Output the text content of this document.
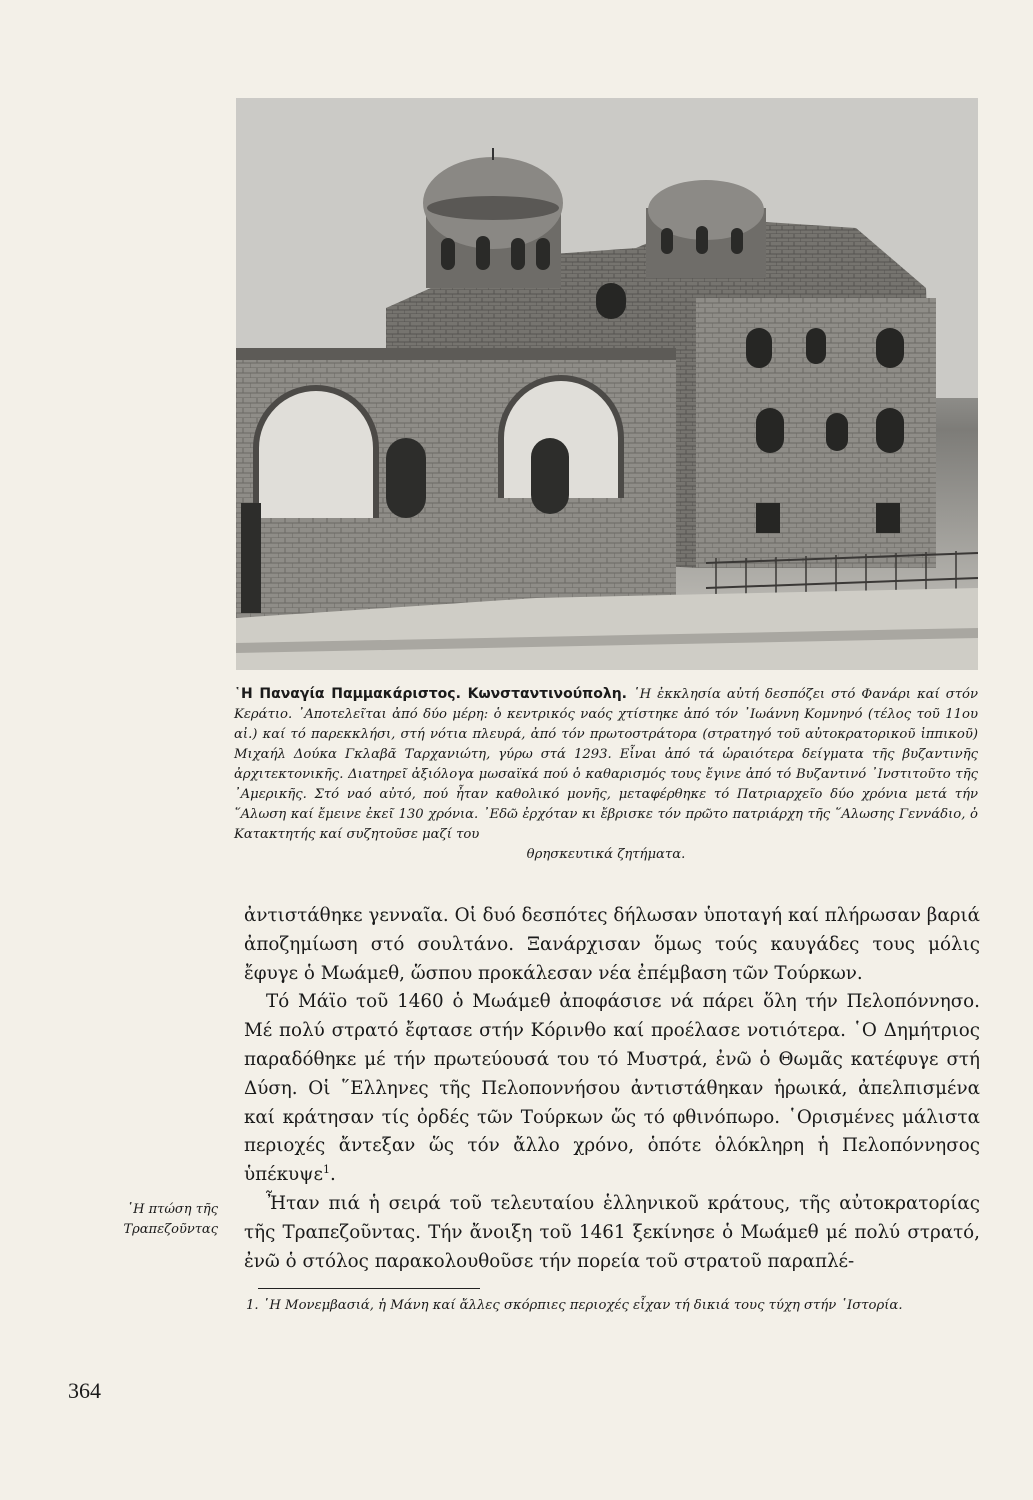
῾Η Παναγία Παμμακάριστος. Κωνσταντινούπολη. ῾Η ἐκκλησία αὐτή δεσπόζει στό Φανάρι καί στόν Κεράτιο. ᾿Αποτελεῖται ἀπό δύο μέρη: ὁ κεντρικός ναός χτίστηκε ἀπό τόν ᾿Ιωάννη Κομνηνό (τέλος τοῦ 11ου αἰ.) καί τό παρεκκλήσι, στή νότια πλευρά, ἀπό τόν πρωτοστράτορα (στρατηγό τοῦ αὐτοκρατορικοῦ ἱππικοῦ) Μιχαήλ Δούκα Γκλαβᾶ Ταρχανιώτη, γύρω στά 1293. Εἶναι ἀπό τά ὡραιότερα δείγματα τῆς βυζαντινῆς ἀρχιτεκτονικῆς. Διατηρεῖ ἀξιόλογα μωσαϊκά πού ὁ καθαρισμός τους ἔγινε ἀπό τό Βυζαντινό ᾿Ινστιτοῦτο τῆς ᾿Αμερικῆς. Στό ναό αὐτό, πού ἦταν καθολικό μονῆς, μεταφέρθηκε τό Πατριαρχεῖο δύο χρόνια μετά τήν ῞Αλωση καί ἔμεινε ἐκεῖ 130 χρόνια. ᾿Εδῶ ἐρχόταν κι ἔβρισκε τόν πρῶτο πατριάρχη τῆς ῞Αλωσης Γεννάδιο, ὁ Κατακτητής καί συζητοῦσε μαζί του
θρησκευτικά ζητήματα.

ἀντιστάθηκε γενναῖα. Οἱ δυό δεσπότες δήλωσαν ὑποταγή καί πλήρωσαν βαριά ἀποζημίωση στό σουλτάνο. Ξανάρχισαν ὅμως τούς καυγάδες τους μόλις ἔφυγε ὁ Μωάμεθ, ὥσπου προκάλεσαν νέα ἐπέμβαση τῶν Τούρκων.

Τό Μάϊο τοῦ 1460 ὁ Μωάμεθ ἀποφάσισε νά πάρει ὅλη τήν Πελοπόννησο. Μέ πολύ στρατό ἔφτασε στήν Κόρινθο καί προέλασε νοτιότερα. ῾Ο Δημήτριος παραδόθηκε μέ τήν πρωτεύουσά του τό Μυστρά, ἐνῶ ὁ Θωμᾶς κατέφυγε στή Δύση. Οἱ ῞Ελληνες τῆς Πελοποννήσου ἀντιστάθηκαν ἡρωικά, ἀπελπισμένα καί κράτησαν τίς ὀρδές τῶν Τούρκων ὥς τό φθινόπωρο. ῾Ορισμένες μάλιστα περιοχές ἄντεξαν ὥς τόν ἄλλο χρόνο, ὁπότε ὁλόκληρη ἡ Πελοπόννησος ὑπέκυψε$^1$.

Ἦταν πιά ἡ σειρά τοῦ τελευταίου ἑλληνικοῦ κράτους, τῆς αὐτοκρατορίας τῆς Τραπεζοῦντας. Τήν ἄνοιξη τοῦ 1461 ξεκίνησε ὁ Μωάμεθ μέ πολύ στρατό, ἐνῶ ὁ στόλος παρακολουθοῦσε τήν πορεία τοῦ στρατοῦ παραπλέ-

῾Η πτώση τῆς
Τραπεζοῦντας
1. ῾Η Μονεμβασιά, ἡ Μάνη καί ἄλλες σκόρπιες περιοχές εἶχαν τή δικιά τους τύχη στήν ῾Ιστορία.
364
